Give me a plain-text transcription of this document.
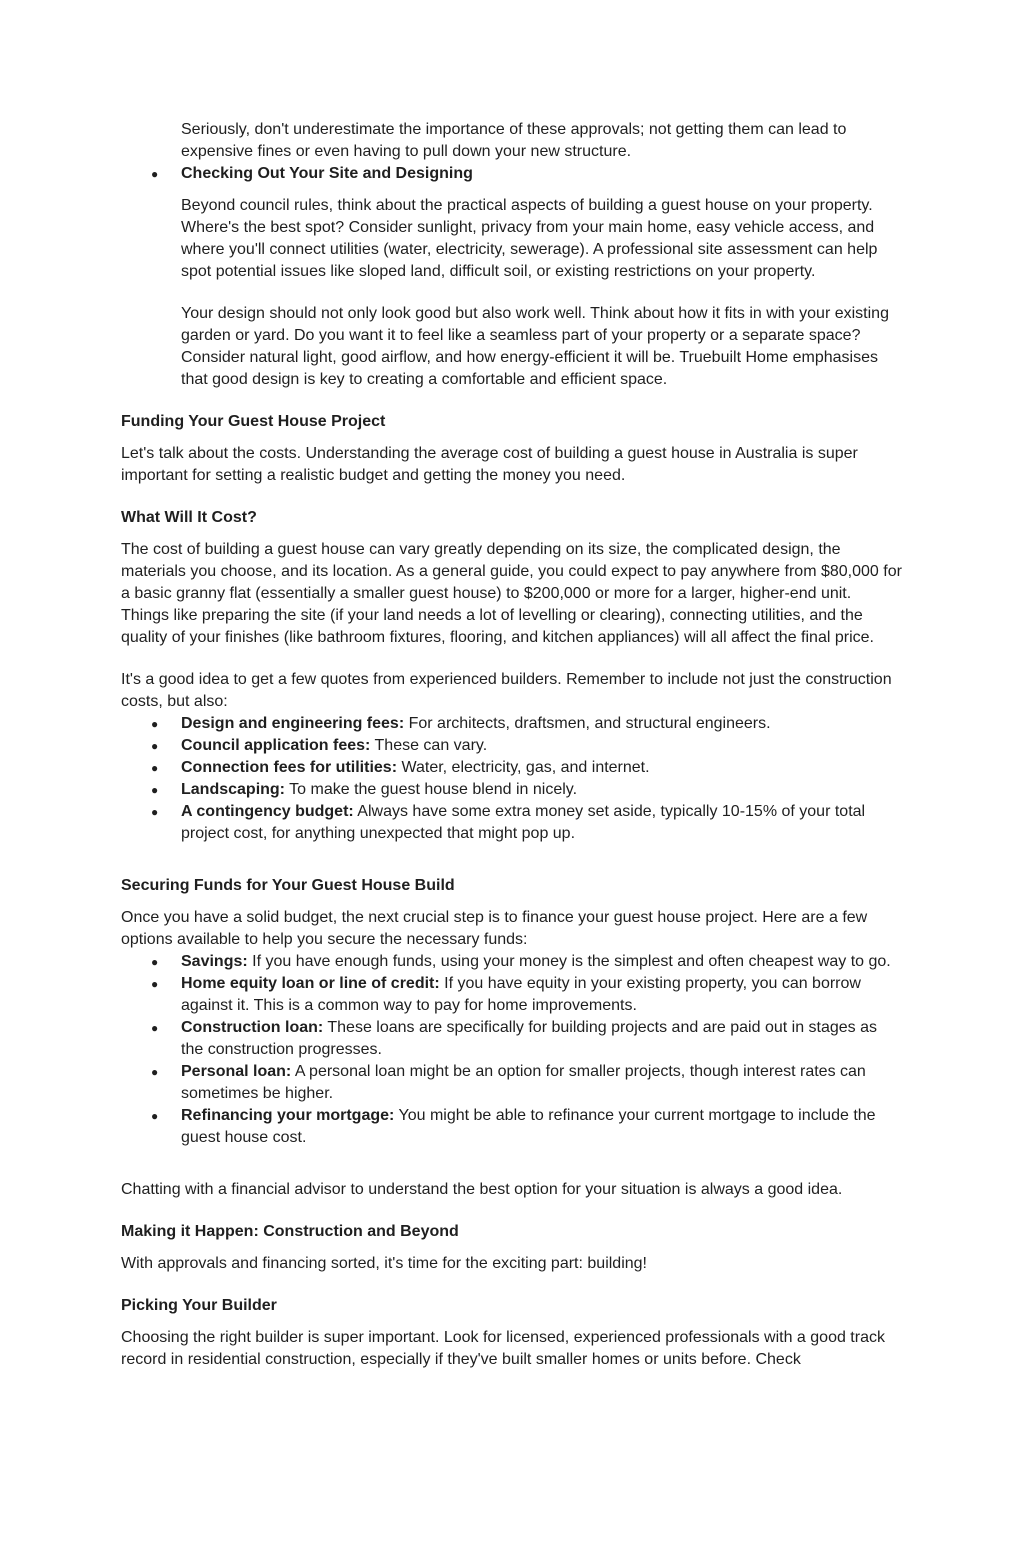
Seriously, don't underestimate the importance of these approvals; not getting them can lead to expensive fines or even having to pull down your new structure.

● Checking Out Your Site and Designing

Beyond council rules, think about the practical aspects of building a guest house on your property. Where's the best spot? Consider sunlight, privacy from your main home, easy vehicle access, and where you'll connect utilities (water, electricity, sewerage). A professional site assessment can help spot potential issues like sloped land, difficult soil, or existing restrictions on your property.

Your design should not only look good but also work well. Think about how it fits in with your existing garden or yard. Do you want it to feel like a seamless part of your property or a separate space? Consider natural light, good airflow, and how energy-efficient it will be. Truebuilt Home emphasises that good design is key to creating a comfortable and efficient space.

Funding Your Guest House Project

Let's talk about the costs. Understanding the average cost of building a guest house in Australia is super important for setting a realistic budget and getting the money you need.

What Will It Cost?

The cost of building a guest house can vary greatly depending on its size, the complicated design, the materials you choose, and its location. As a general guide, you could expect to pay anywhere from $80,000 for a basic granny flat (essentially a smaller guest house) to $200,000 or more for a larger, higher-end unit. Things like preparing the site (if your land needs a lot of levelling or clearing), connecting utilities, and the quality of your finishes (like bathroom fixtures, flooring, and kitchen appliances) will all affect the final price.

It's a good idea to get a few quotes from experienced builders. Remember to include not just the construction costs, but also:

● Design and engineering fees: For architects, draftsmen, and structural engineers.
● Council application fees: These can vary.
● Connection fees for utilities: Water, electricity, gas, and internet.
● Landscaping: To make the guest house blend in nicely.
● A contingency budget: Always have some extra money set aside, typically 10-15% of your total project cost, for anything unexpected that might pop up.
Securing Funds for Your Guest House Build

Once you have a solid budget, the next crucial step is to finance your guest house project. Here are a few options available to help you secure the necessary funds:

● Savings: If you have enough funds, using your money is the simplest and often cheapest way to go.
● Home equity loan or line of credit: If you have equity in your existing property, you can borrow against it. This is a common way to pay for home improvements.
● Construction loan: These loans are specifically for building projects and are paid out in stages as the construction progresses.
● Personal loan: A personal loan might be an option for smaller projects, though interest rates can sometimes be higher.
● Refinancing your mortgage: You might be able to refinance your current mortgage to include the guest house cost.

Chatting with a financial advisor to understand the best option for your situation is always a good idea.

Making it Happen: Construction and Beyond

With approvals and financing sorted, it's time for the exciting part: building!

Picking Your Builder

Choosing the right builder is super important. Look for licensed, experienced professionals with a good track record in residential construction, especially if they've built smaller homes or units before. Check
